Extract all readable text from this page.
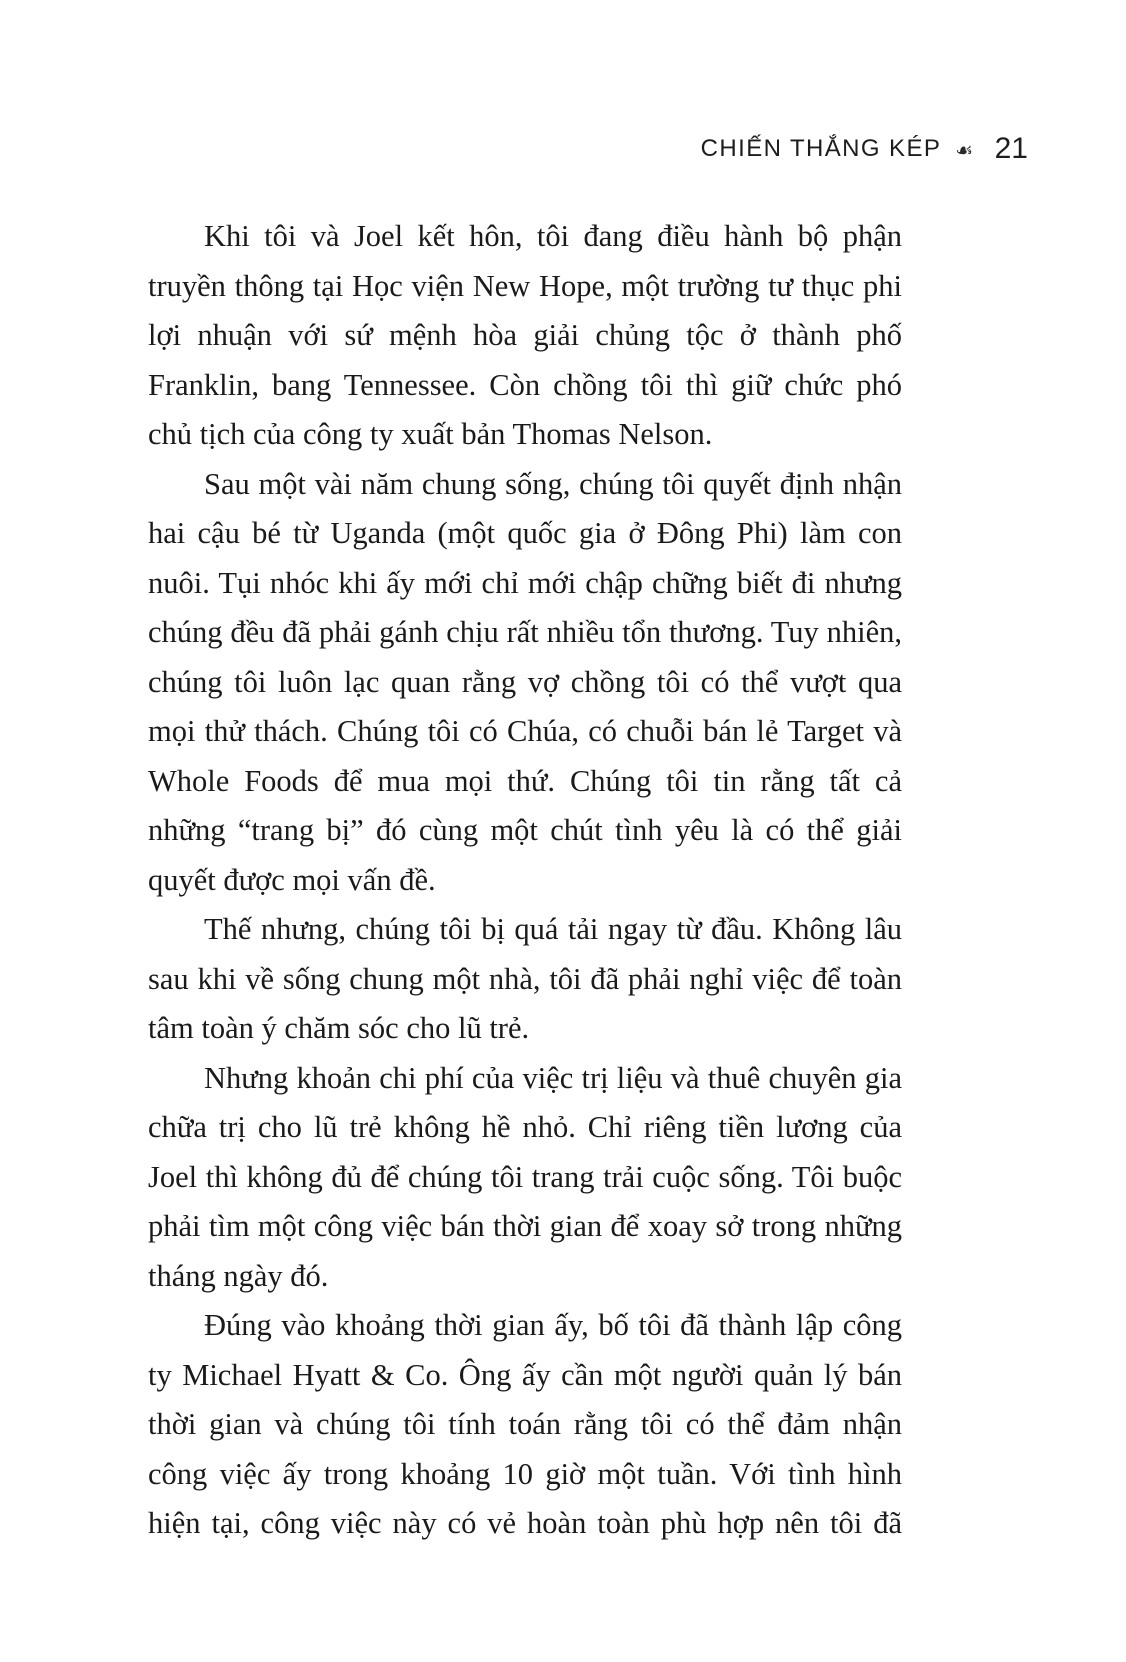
CHIẾN THẮNG KÉP ☙ 21

Khi tôi và Joel kết hôn, tôi đang điều hành bộ phận truyền thông tại Học viện New Hope, một trường tư thục phi lợi nhuận với sứ mệnh hòa giải chủng tộc ở thành phố Franklin, bang Tennessee. Còn chồng tôi thì giữ chức phó chủ tịch của công ty xuất bản Thomas Nelson.

Sau một vài năm chung sống, chúng tôi quyết định nhận hai cậu bé từ Uganda (một quốc gia ở Đông Phi) làm con nuôi. Tụi nhóc khi ấy mới chỉ mới chập chững biết đi nhưng chúng đều đã phải gánh chịu rất nhiều tổn thương. Tuy nhiên, chúng tôi luôn lạc quan rằng vợ chồng tôi có thể vượt qua mọi thử thách. Chúng tôi có Chúa, có chuỗi bán lẻ Target và Whole Foods để mua mọi thứ. Chúng tôi tin rằng tất cả những “trang bị” đó cùng một chút tình yêu là có thể giải quyết được mọi vấn đề.

Thế nhưng, chúng tôi bị quá tải ngay từ đầu. Không lâu sau khi về sống chung một nhà, tôi đã phải nghỉ việc để toàn tâm toàn ý chăm sóc cho lũ trẻ.

Nhưng khoản chi phí của việc trị liệu và thuê chuyên gia chữa trị cho lũ trẻ không hề nhỏ. Chỉ riêng tiền lương của Joel thì không đủ để chúng tôi trang trải cuộc sống. Tôi buộc phải tìm một công việc bán thời gian để xoay sở trong những tháng ngày đó.

Đúng vào khoảng thời gian ấy, bố tôi đã thành lập công ty Michael Hyatt & Co. Ông ấy cần một người quản lý bán thời gian và chúng tôi tính toán rằng tôi có thể đảm nhận công việc ấy trong khoảng 10 giờ một tuần. Với tình hình hiện tại, công việc này có vẻ hoàn toàn phù hợp nên tôi đã
